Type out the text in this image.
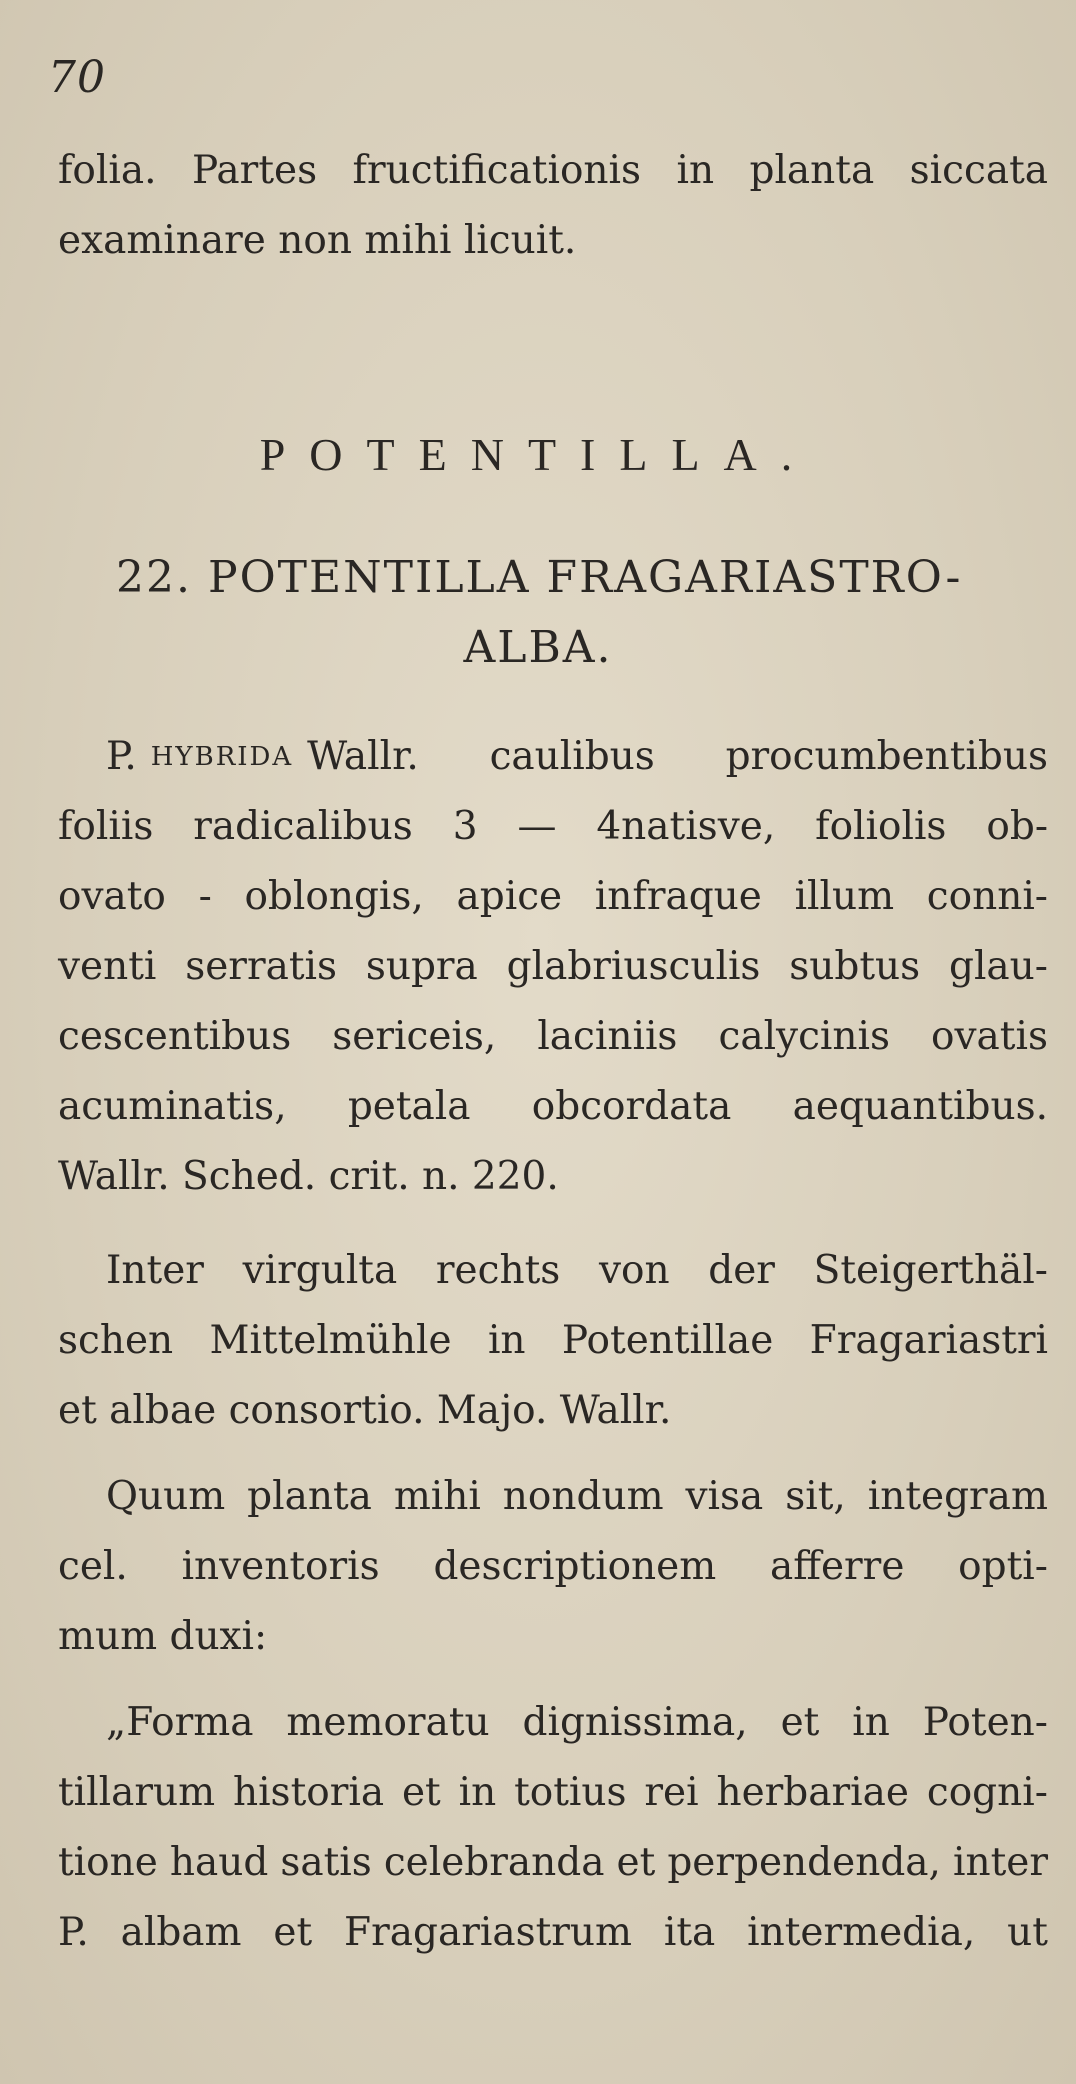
70
folia. Partes fructificationis in planta siccata
examinare non mihi licuit.
POTENTILLA.
22. POTENTILLA FRAGARIASTRO-
ALBA.
P. HYBRIDA Wallr. caulibus procumbentibus
foliis radicalibus 3 — 4natisve, foliolis ob-
ovato - oblongis, apice infraque illum conni-
venti serratis supra glabriusculis subtus glau-
cescentibus sericeis, laciniis calycinis ovatis
acuminatis, petala obcordata aequantibus.
Wallr. Sched. crit. n. 220.
Inter virgulta rechts von der Steigerthäl-
schen Mittelmühle in Potentillae Fragariastri
et albae consortio. Majo. Wallr.
Quum planta mihi nondum visa sit, integram
cel. inventoris descriptionem afferre opti-
mum duxi:
„Forma memoratu dignissima, et in Poten-
tillarum historia et in totius rei herbariae cogni-
tione haud satis celebranda et perpendenda, inter
P. albam et Fragariastrum ita intermedia, ut
